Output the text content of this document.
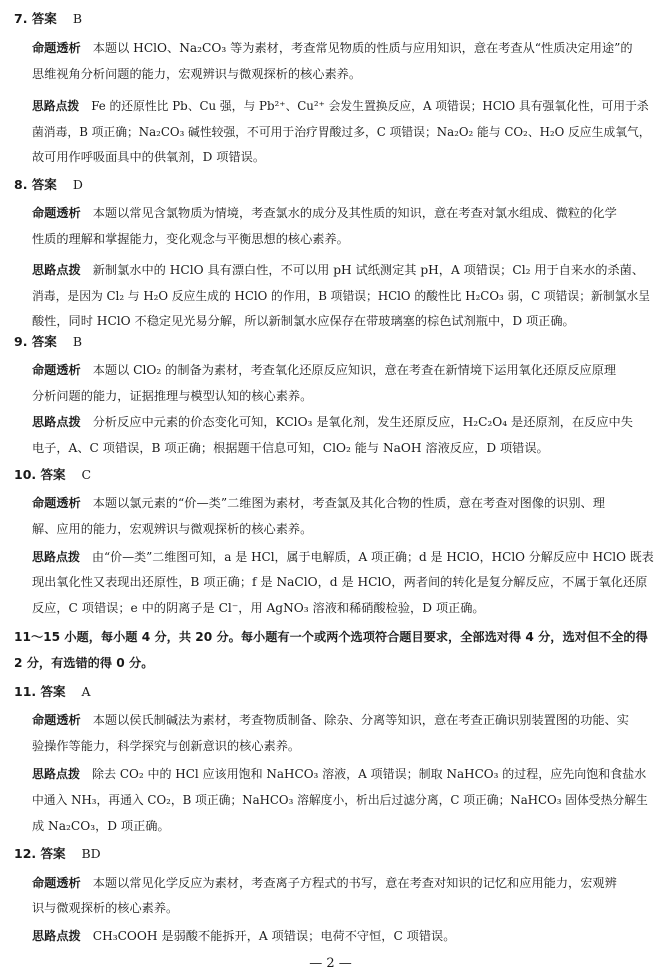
7. 答案 B
命题透析 本题以 HClO、Na₂CO₃ 等为素材，考查常见物质的性质与应用知识，意在考查从“性质决定用途”的
思维视角分析问题的能力，宏观辨识与微观探析的核心素养。
思路点拨 Fe 的还原性比 Pb、Cu 强，与 Pb²⁺、Cu²⁺ 会发生置换反应，A 项错误；HClO 具有强氧化性，可用于杀
菌消毒，B 项正确；Na₂CO₃ 碱性较强，不可用于治疗胃酸过多，C 项错误；Na₂O₂ 能与 CO₂、H₂O 反应生成氧气，
故可用作呼吸面具中的供氧剂，D 项错误。
8. 答案 D
命题透析 本题以常见含氯物质为情境，考查氯水的成分及其性质的知识，意在考查对氯水组成、微粒的化学
性质的理解和掌握能力，变化观念与平衡思想的核心素养。
思路点拨 新制氯水中的 HClO 具有漂白性，不可以用 pH 试纸测定其 pH，A 项错误；Cl₂ 用于自来水的杀菌、
消毒，是因为 Cl₂ 与 H₂O 反应生成的 HClO 的作用，B 项错误；HClO 的酸性比 H₂CO₃ 弱，C 项错误；新制氯水呈
酸性，同时 HClO 不稳定见光易分解，所以新制氯水应保存在带玻璃塞的棕色试剂瓶中，D 项正确。
9. 答案 B
命题透析 本题以 ClO₂ 的制备为素材，考查氧化还原反应知识，意在考查在新情境下运用氧化还原反应原理
分析问题的能力，证据推理与模型认知的核心素养。
思路点拨 分析反应中元素的价态变化可知，KClO₃ 是氧化剂，发生还原反应，H₂C₂O₄ 是还原剂，在反应中失
电子，A、C 项错误，B 项正确；根据题干信息可知，ClO₂ 能与 NaOH 溶液反应，D 项错误。
10. 答案 C
命题透析 本题以氯元素的“价—类”二维图为素材，考查氯及其化合物的性质，意在考查对图像的识别、理
解、应用的能力，宏观辨识与微观探析的核心素养。
思路点拨 由“价—类”二维图可知，a 是 HCl，属于电解质，A 项正确；d 是 HClO，HClO 分解反应中 HClO 既表
现出氧化性又表现出还原性，B 项正确；f 是 NaClO，d 是 HClO，两者间的转化是复分解反应，不属于氧化还原
反应，C 项错误；e 中的阴离子是 Cl⁻，用 AgNO₃ 溶液和稀硝酸检验，D 项正确。
11～15 小题，每小题 4 分，共 20 分。每小题有一个或两个选项符合题目要求，全部选对得 4 分，选对但不全的得
2 分，有选错的得 0 分。
11. 答案 A
命题透析 本题以侯氏制碱法为素材，考查物质制备、除杂、分离等知识，意在考查正确识别装置图的功能、实
验操作等能力，科学探究与创新意识的核心素养。
思路点拨 除去 CO₂ 中的 HCl 应该用饱和 NaHCO₃ 溶液，A 项错误；制取 NaHCO₃ 的过程，应先向饱和食盐水
中通入 NH₃，再通入 CO₂，B 项正确；NaHCO₃ 溶解度小，析出后过滤分离，C 项正确；NaHCO₃ 固体受热分解生
成 Na₂CO₃，D 项正确。
12. 答案 BD
命题透析 本题以常见化学反应为素材，考查离子方程式的书写，意在考查对知识的记忆和应用能力，宏观辨
识与微观探析的核心素养。
思路点拨 CH₃COOH 是弱酸不能拆开，A 项错误；电荷不守恒，C 项错误。
— 2 —
